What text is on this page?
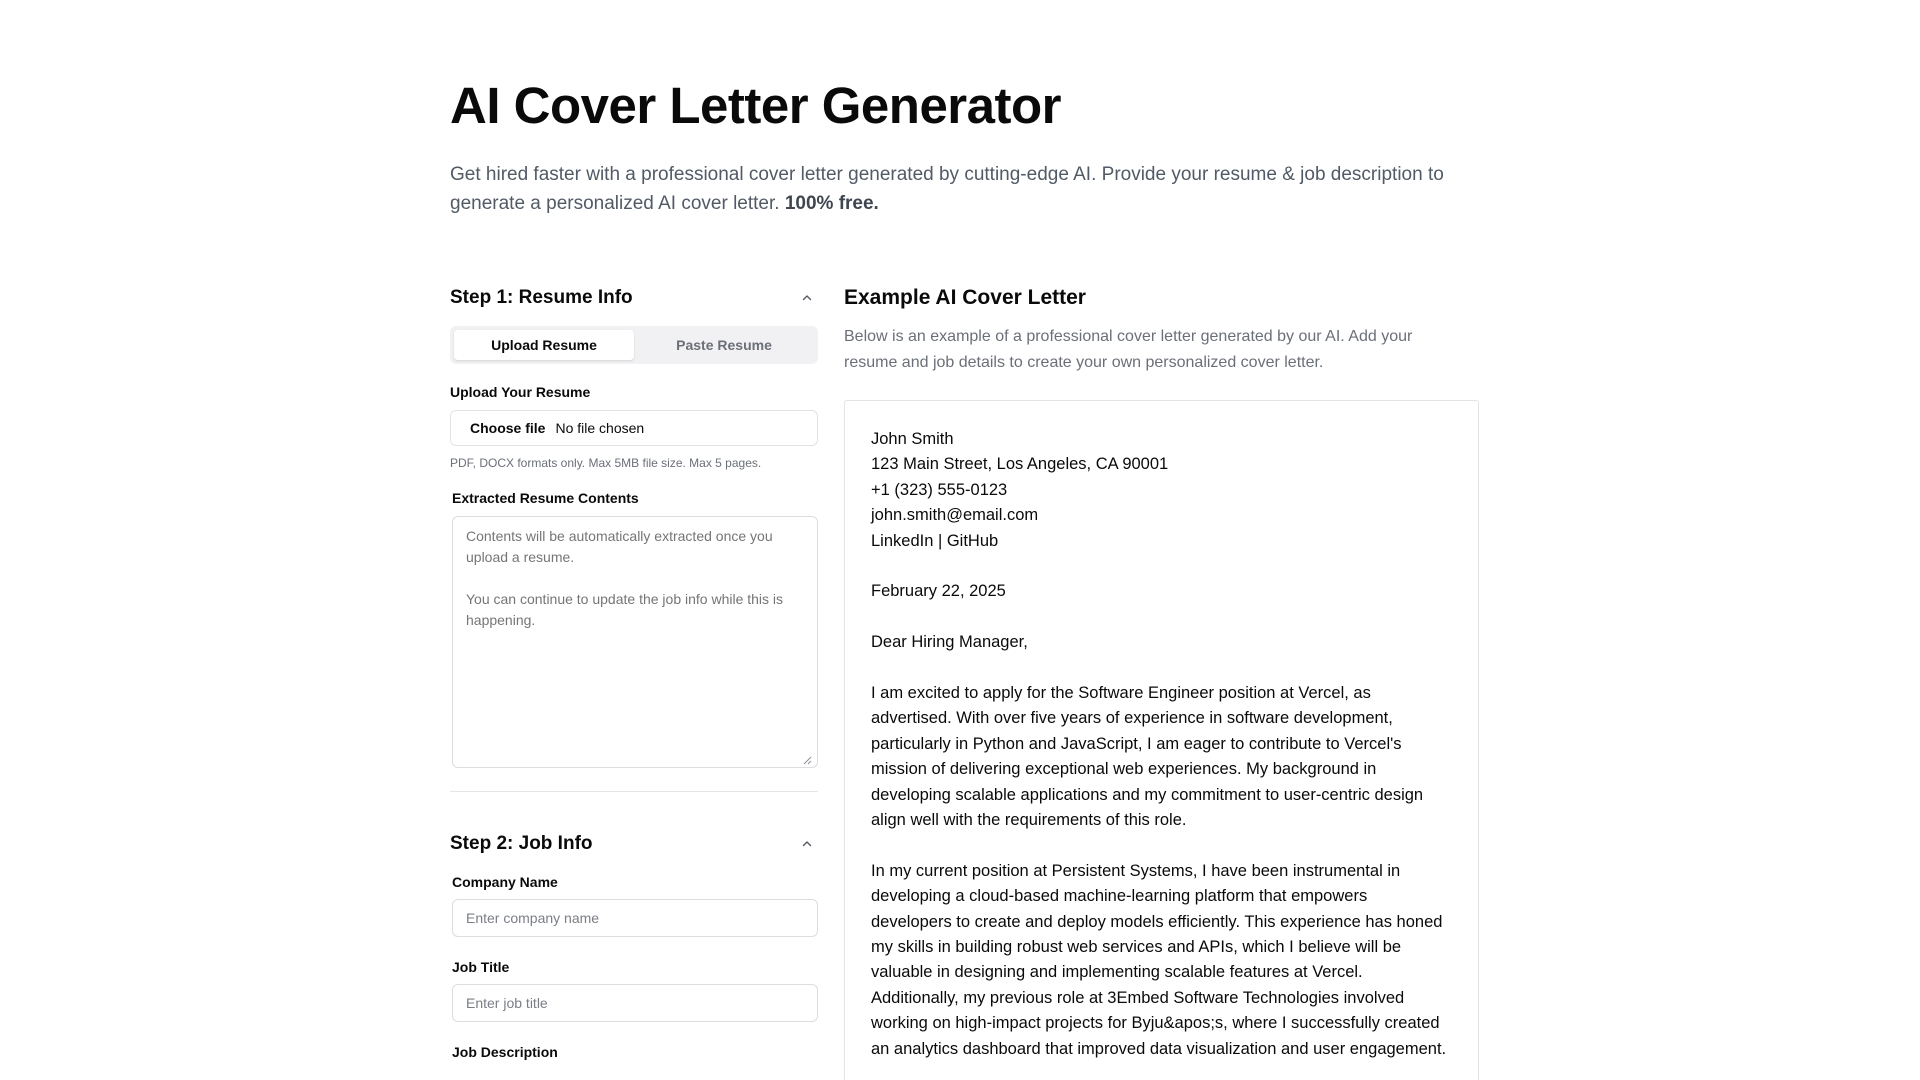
AI Cover Letter Generator

Get hired faster with a professional cover letter generated by cutting-edge AI. Provide your resume & job description to generate a personalized AI cover letter. 100% free.

Step 1: Resume Info
Upload Resume	Paste Resume
Upload Your Resume
Choose file No file chosen
PDF, DOCX formats only. Max 5MB file size. Max 5 pages.
Extracted Resume Contents
Contents will be automatically extracted once you upload a resume. You can continue to update the job info while this is happening.
Step 2: Job Info
Company Name
Enter company name
Job Title
Enter job title
Job Description
Example AI Cover Letter
Below is an example of a professional cover letter generated by our AI. Add your resume and job details to create your own personalized cover letter.

John Smith

123 Main Street, Los Angeles, CA 90001

+1 (323) 555-0123

john.smith@email.com

LinkedIn | GitHub

February 22, 2025

Dear Hiring Manager,

I am excited to apply for the Software Engineer position at Vercel, as advertised. With over five years of experience in software development, particularly in Python and JavaScript, I am eager to contribute to Vercel's mission of delivering exceptional web experiences. My background in developing scalable applications and my commitment to user-centric design align well with the requirements of this role.

In my current position at Persistent Systems, I have been instrumental in developing a cloud-based machine-learning platform that empowers developers to create and deploy models efficiently. This experience has honed my skills in building robust web services and APIs, which I believe will be valuable in designing and implementing scalable features at Vercel. Additionally, my previous role at 3Embed Software Technologies involved working on high-impact projects for Byju&apos;s, where I successfully created an analytics dashboard that improved data visualization and user engagement.
